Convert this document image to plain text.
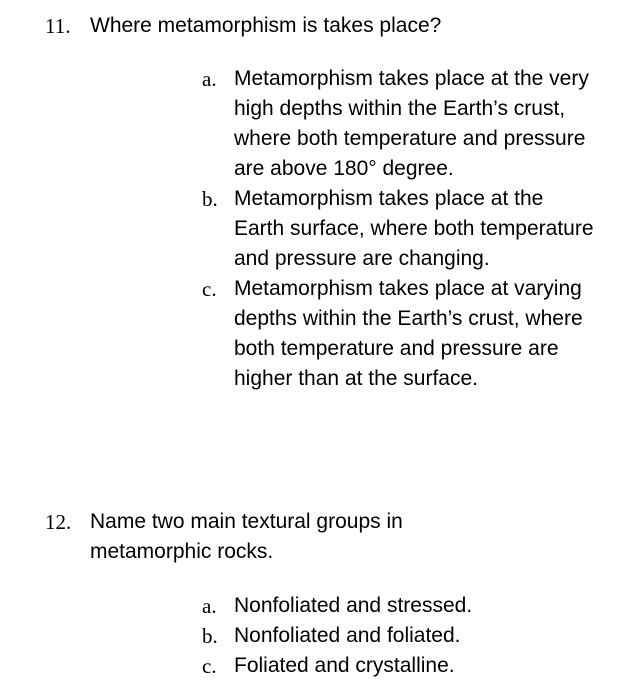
11. Where metamorphism is takes place?
a. Metamorphism takes place at the very high depths within the Earth’s crust, where both temperature and pressure are above 180° degree.
b. Metamorphism takes place at the Earth surface, where both temperature and pressure are changing.
c. Metamorphism takes place at varying depths within the Earth’s crust, where both temperature and pressure are higher than at the surface.
12. Name two main textural groups in metamorphic rocks.
a. Nonfoliated and stressed.
b. Nonfoliated and foliated.
c. Foliated and crystalline.
